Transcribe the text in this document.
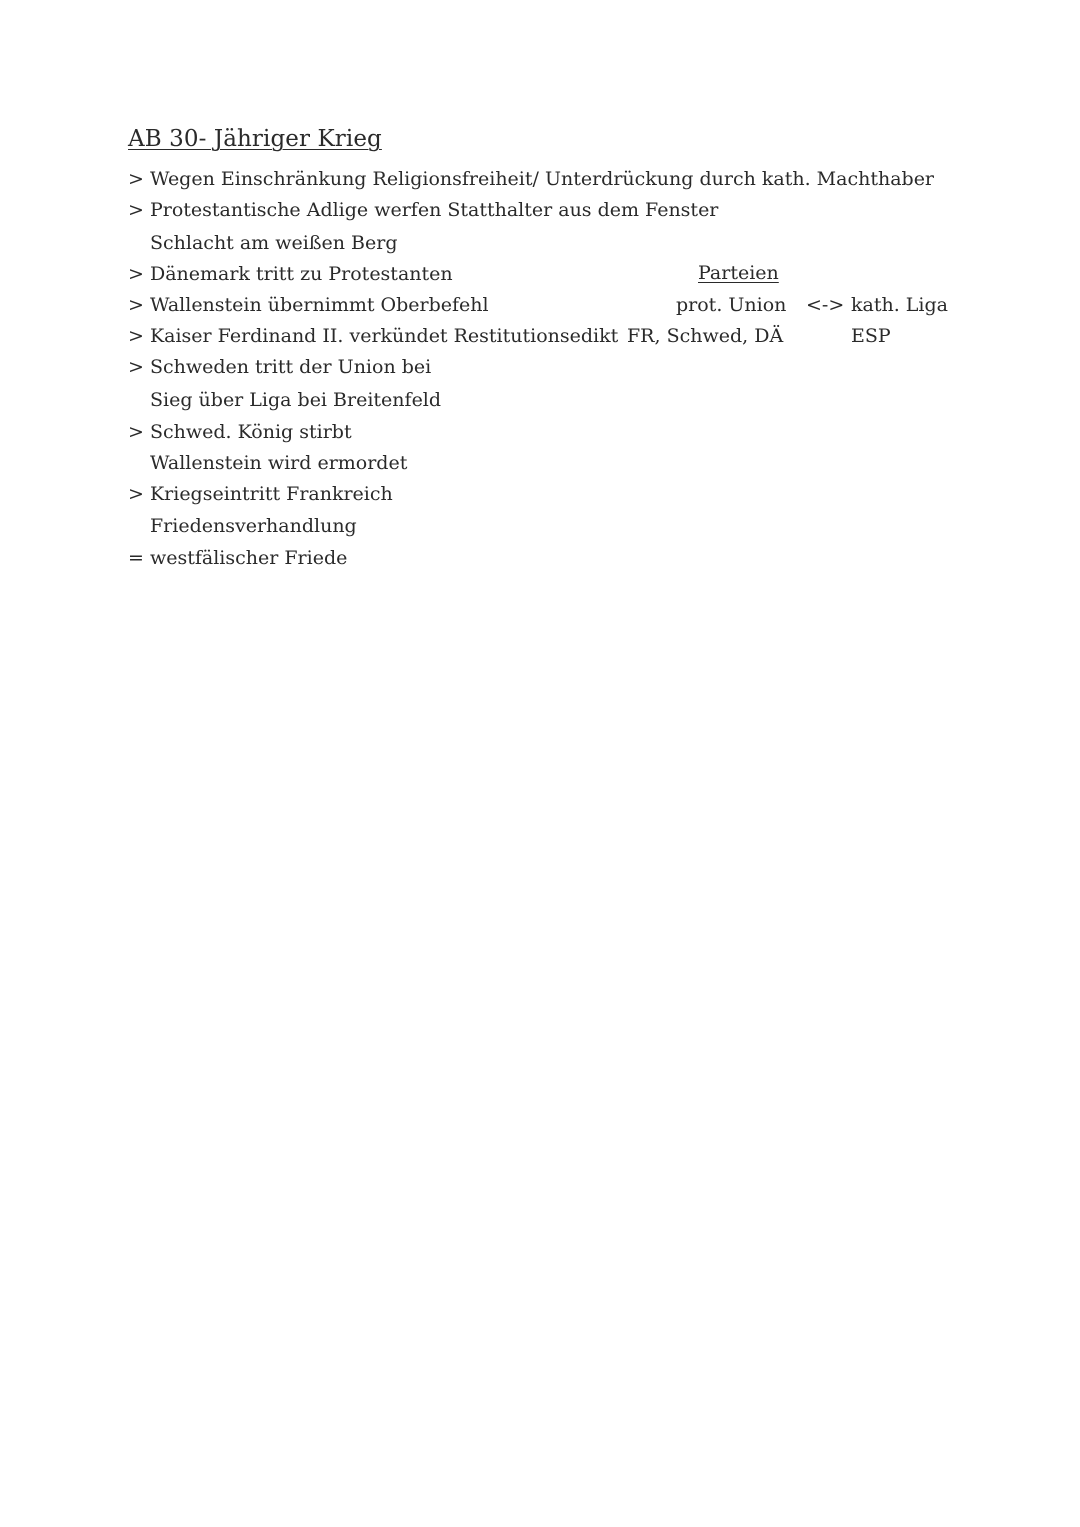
AB 30- Jähriger Krieg
> Wegen Einschränkung Religionsfreiheit/ Unterdrückung durch kath. Machthaber
> Protestantische Adlige werfen Statthalter aus dem Fenster
Schlacht am weißen Berg
> Dänemark tritt zu Protestanten
> Wallenstein übernimmt Oberbefehl
> Kaiser Ferdinand II. verkündet Restitutionsedikt
> Schweden tritt der Union bei
Sieg über Liga bei Breitenfeld
> Schwed. König stirbt
Wallenstein wird ermordet
> Kriegseintritt Frankreich
Friedensverhandlung
= westfälischer Friede
Parteien
prot. Union <-> kath. Liga
FR, Schwed, DÄ	ESP
